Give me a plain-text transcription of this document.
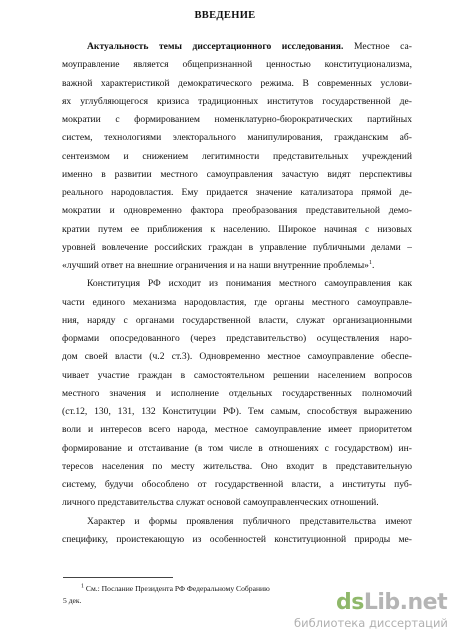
ВВЕДЕНИЕ
Актуальность темы диссертационного исследования. Местное са-
моуправление является общепризнанной ценностью конституционализма,
важной характеристикой демократического режима. В современных услови-
ях углубляющегося кризиса традиционных институтов государственной де-
мократии с формированием номенклатурно-бюрократических партийных
систем, технологиями электорального манипулирования, гражданским аб-
сентеизмом и снижением легитимности представительных учреждений
именно в развитии местного самоуправления зачастую видят перспективы
реального народовластия. Ему придается значение катализатора прямой де-
мократии и одновременно фактора преобразования представительной демо-
кратии путем ее приближения к населению. Широкое начиная с низовых
уровней вовлечение российских граждан в управление публичными делами –
«лучший ответ на внешние ограничения и на наши внутренние проблемы»$^1$.
Конституция РФ исходит из понимания местного самоуправления как
части единого механизма народовластия, где органы местного самоуправле-
ния, наряду с органами государственной власти, служат организационными
формами опосредованного (через представительство) осуществления наро-
дом своей власти (ч.2 ст.3). Одновременно местное самоуправление обеспе-
чивает участие граждан в самостоятельном решении населением вопросов
местного значения и исполнение отдельных государственных полномочий
(ст.12, 130, 131, 132 Конституции РФ). Тем самым, способствуя выражению
воли и интересов всего народа, местное самоуправление имеет приоритетом
формирование и отстаивание (в том числе в отношениях с государством) ин-
тересов населения по месту жительства. Оно входит в представительную
систему, будучи обособлено от государственной власти, а институты пуб-
личного представительства служат основой самоуправленческих отношений.
Характер и формы проявления публичного представительства имеют
специфику, проистекающую из особенностей конституционной природы ме-
$^1$ См.: Послание Президента РФ Федеральному Собранию
5 дек.	dsLib.net
библиотека диссертаций
